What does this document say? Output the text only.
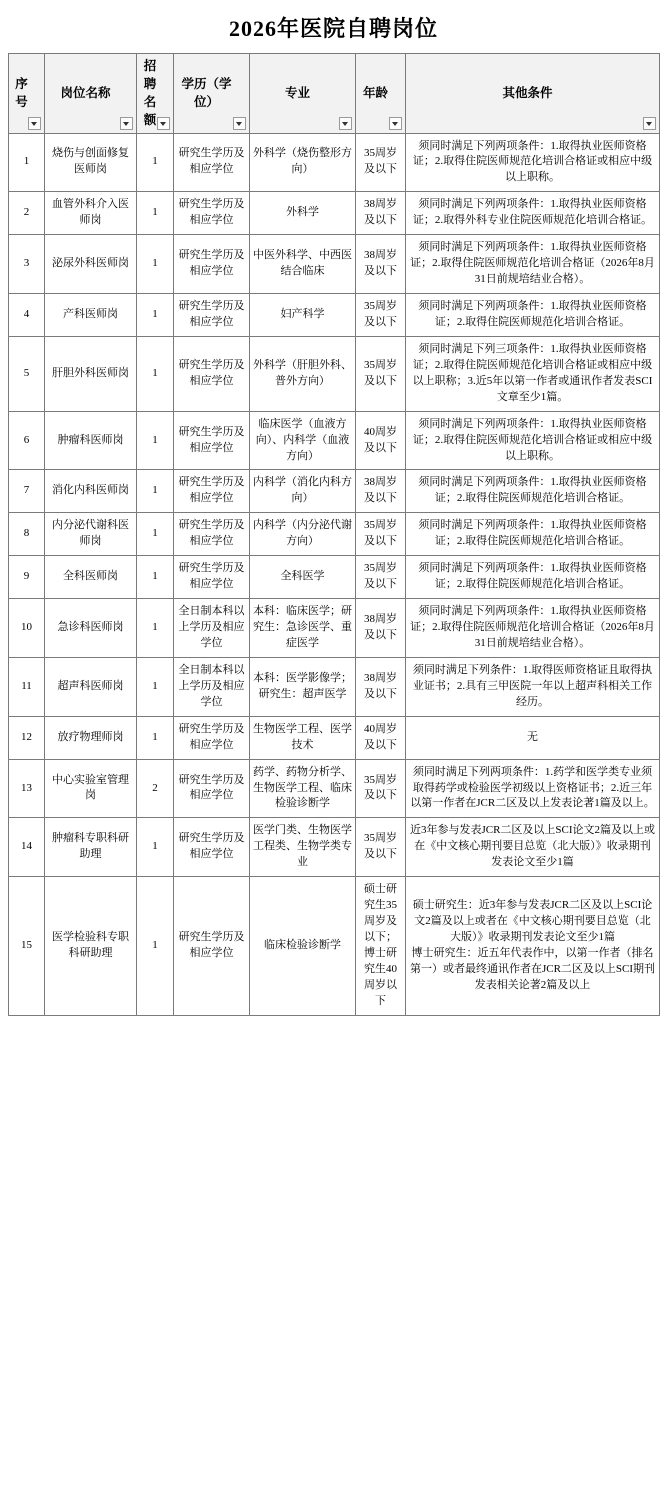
2026年医院自聘岗位
序号	岗位名称	招聘名额	学历（学位）	专业	年龄	其他条件

1	烧伤与创面修复医师岗	1	研究生学历及相应学位	外科学（烧伤整形方向）	35周岁及以下	须同时满足下列两项条件：1.取得执业医师资格证；2.取得住院医师规范化培训合格证或相应中级以上职称。

2	血管外科介入医师岗	1	研究生学历及相应学位	外科学	38周岁及以下	须同时满足下列两项条件：1.取得执业医师资格证；2.取得外科专业住院医师规范化培训合格证。

3	泌尿外科医师岗	1	研究生学历及相应学位	中医外科学、中西医结合临床	38周岁及以下	须同时满足下列两项条件：1.取得执业医师资格证；2.取得住院医师规范化培训合格证（2026年8月31日前规培结业合格）。

4	产科医师岗	1	研究生学历及相应学位	妇产科学	35周岁及以下	须同时满足下列两项条件：1.取得执业医师资格证；2.取得住院医师规范化培训合格证。

5	肝胆外科医师岗	1	研究生学历及相应学位	外科学（肝胆外科、普外方向）	35周岁及以下	须同时满足下列三项条件：1.取得执业医师资格证；2.取得住院医师规范化培训合格证或相应中级以上职称；3.近5年以第一作者或通讯作者发表SCI文章至少1篇。

6	肿瘤科医师岗	1	研究生学历及相应学位	临床医学（血液方向）、内科学（血液方向）	40周岁及以下	须同时满足下列两项条件：1.取得执业医师资格证；2.取得住院医师规范化培训合格证或相应中级以上职称。

7	消化内科医师岗	1	研究生学历及相应学位	内科学（消化内科方向）	38周岁及以下	须同时满足下列两项条件：1.取得执业医师资格证；2.取得住院医师规范化培训合格证。

8	内分泌代谢科医师岗	1	研究生学历及相应学位	内科学（内分泌代谢方向）	35周岁及以下	须同时满足下列两项条件：1.取得执业医师资格证；2.取得住院医师规范化培训合格证。

9	全科医师岗	1	研究生学历及相应学位	全科医学	35周岁及以下	须同时满足下列两项条件：1.取得执业医师资格证；2.取得住院医师规范化培训合格证。

10	急诊科医师岗	1	全日制本科以上学历及相应学位	本科：临床医学；研究生：急诊医学、重症医学	38周岁及以下	须同时满足下列两项条件：1.取得执业医师资格证；2.取得住院医师规范化培训合格证（2026年8月31日前规培结业合格）。

11	超声科医师岗	1	全日制本科以上学历及相应学位	本科：医学影像学；研究生：超声医学	38周岁及以下	须同时满足下列条件：1.取得医师资格证且取得执业证书；2.具有三甲医院一年以上超声科相关工作经历。

12	放疗物理师岗	1	研究生学历及相应学位	生物医学工程、医学技术	40周岁及以下	无

13	中心实验室管理岗	2	研究生学历及相应学位	药学、药物分析学、生物医学工程、临床检验诊断学	35周岁及以下	须同时满足下列两项条件：1.药学和医学类专业须取得药学或检验医学初级以上资格证书；2.近三年以第一作者在JCR二区及以上发表论著1篇及以上。

14	肿瘤科专职科研助理	1	研究生学历及相应学位	医学门类、生物医学工程类、生物学类专业	35周岁及以下	近3年参与发表JCR二区及以上SCI论文2篇及以上或在《中文核心期刊要目总览（北大版）》收录期刊发表论文至少1篇

15	医学检验科专职科研助理	1	研究生学历及相应学位	临床检验诊断学	硕士研究生35周岁及以下；博士研究生40周岁以下	硕士研究生：近3年参与发表JCR二区及以上SCI论文2篇及以上或者在《中文核心期刊要目总览（北大版）》收录期刊发表论文至少1篇
博士研究生：近五年代表作中，以第一作者（排名第一）或者最终通讯作者在JCR二区及以上SCI期刊发表相关论著2篇及以上
